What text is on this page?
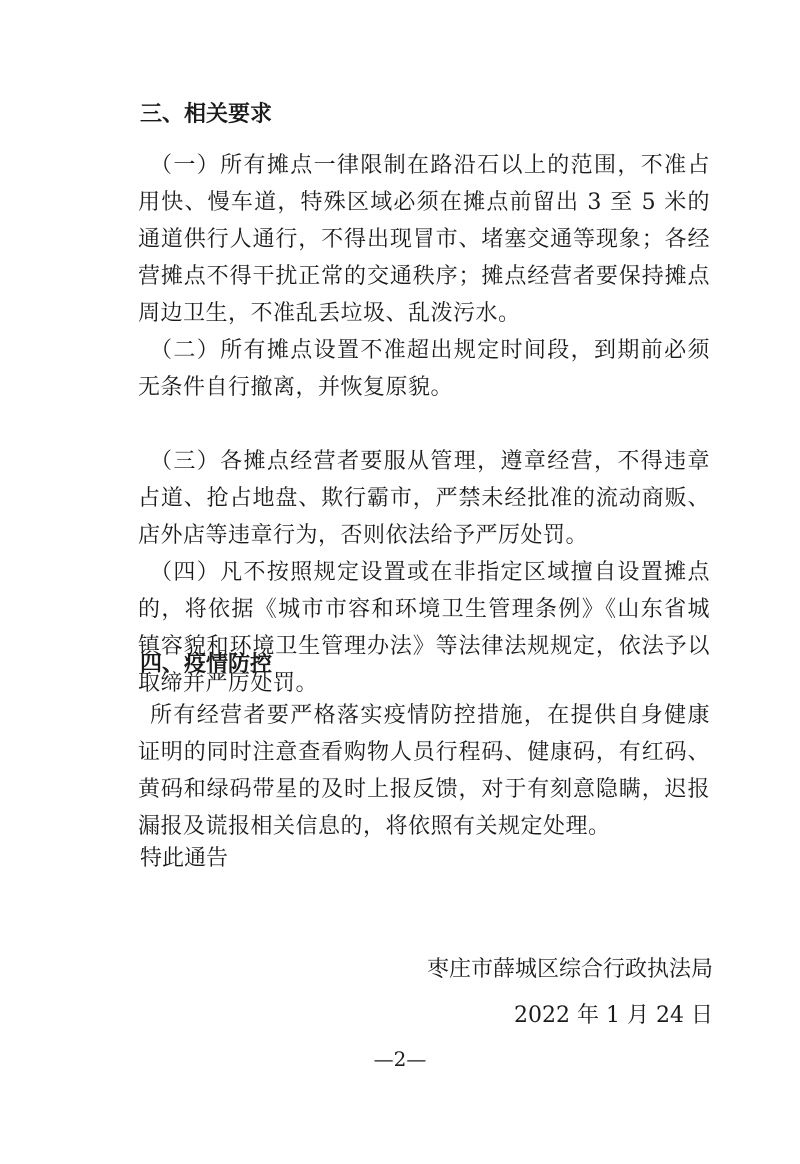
三、相关要求
（一）所有摊点一律限制在路沿石以上的范围，不准占用快、慢车道，特殊区域必须在摊点前留出 3 至 5 米的通道供行人通行，不得出现冒市、堵塞交通等现象；各经营摊点不得干扰正常的交通秩序；摊点经营者要保持摊点周边卫生，不准乱丢垃圾、乱泼污水。
（二）所有摊点设置不准超出规定时间段，到期前必须无条件自行撤离，并恢复原貌。
（三）各摊点经营者要服从管理，遵章经营，不得违章占道、抢占地盘、欺行霸市，严禁未经批准的流动商贩、店外店等违章行为，否则依法给予严厉处罚。
（四）凡不按照规定设置或在非指定区域擅自设置摊点的，将依据《城市市容和环境卫生管理条例》《山东省城镇容貌和环境卫生管理办法》等法律法规规定，依法予以取缔并严厉处罚。
四、疫情防控
所有经营者要严格落实疫情防控措施，在提供自身健康证明的同时注意查看购物人员行程码、健康码，有红码、黄码和绿码带星的及时上报反馈，对于有刻意隐瞒，迟报漏报及谎报相关信息的，将依照有关规定处理。
特此通告
枣庄市薛城区综合行政执法局
2022 年 1 月 24 日
—2—
